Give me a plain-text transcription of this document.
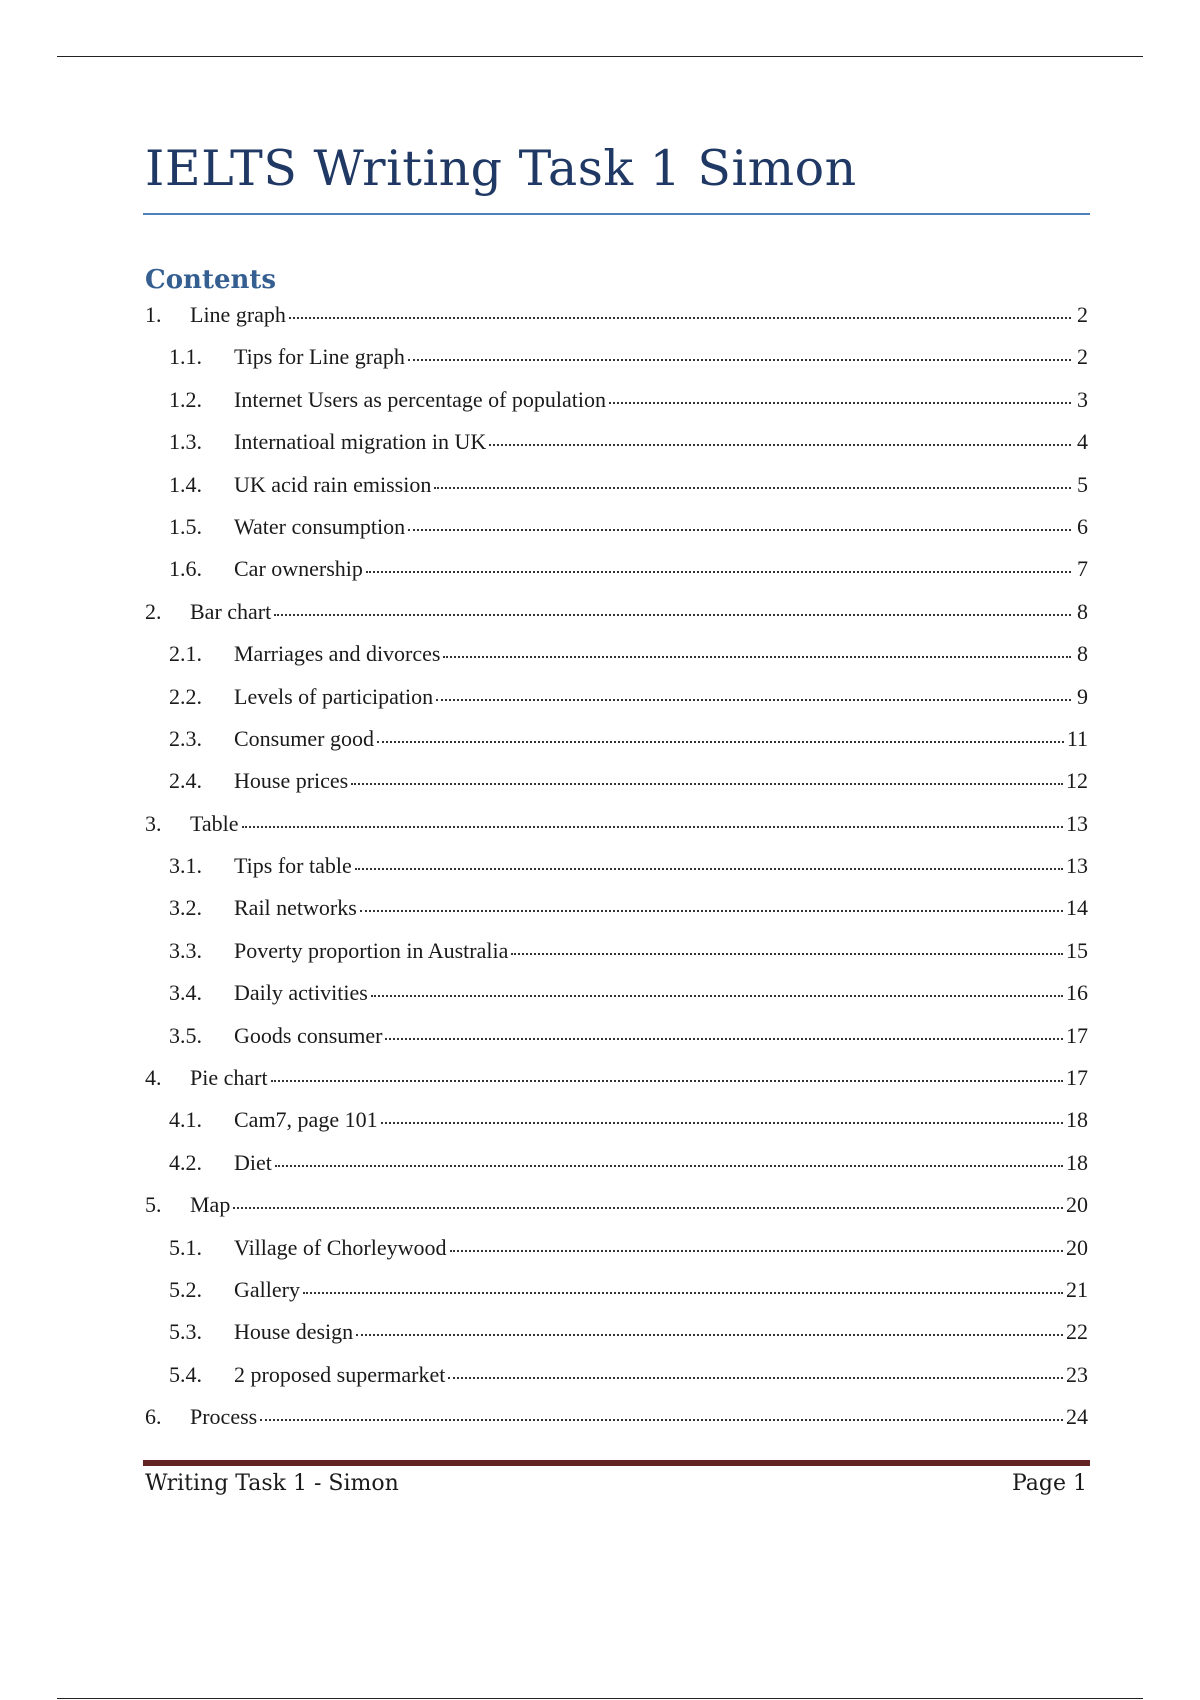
IELTS Writing Task 1 Simon
Contents
1.	Line graph	2
1.1.	Tips for Line graph	2
1.2.	Internet Users as percentage of population	3
1.3.	Internatioal migration in UK	4
1.4.	UK acid rain emission	5
1.5.	Water consumption	6
1.6.	Car ownership	7
2.	Bar chart	8
2.1.	Marriages and divorces	8
2.2.	Levels of participation	9
2.3.	Consumer good	11
2.4.	House prices	12
3.	Table	13
3.1.	Tips for table	13
3.2.	Rail networks	14
3.3.	Poverty proportion in Australia	15
3.4.	Daily activities	16
3.5.	Goods consumer	17
4.	Pie chart	17
4.1.	Cam7, page 101	18
4.2.	Diet	18
5.	Map	20
5.1.	Village of Chorleywood	20
5.2.	Gallery	21
5.3.	House design	22
5.4.	2 proposed supermarket	23
6.	Process	24
Writing Task 1 - Simon	Page 1
